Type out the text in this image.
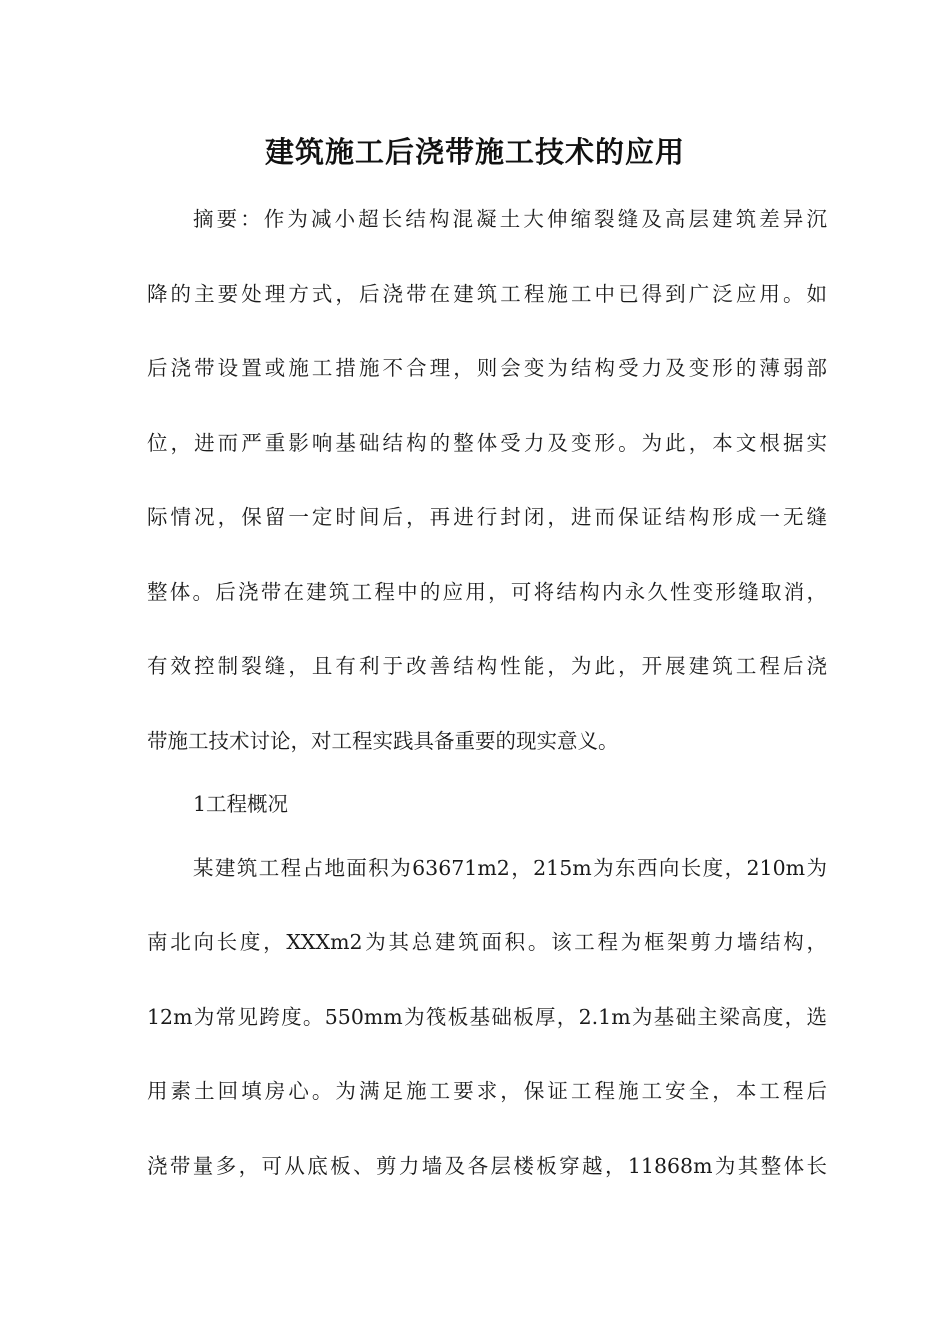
建筑施工后浇带施工技术的应用
摘要：作为减小超长结构混凝土大伸缩裂缝及高层建筑差异沉
降的主要处理方式，后浇带在建筑工程施工中已得到广泛应用。如
后浇带设置或施工措施不合理，则会变为结构受力及变形的薄弱部
位，进而严重影响基础结构的整体受力及变形。为此，本文根据实
际情况，保留一定时间后，再进行封闭，进而保证结构形成一无缝
整体。后浇带在建筑工程中的应用，可将结构内永久性变形缝取消，
有效控制裂缝，且有利于改善结构性能，为此，开展建筑工程后浇
带施工技术讨论，对工程实践具备重要的现实意义。
1工程概况
某建筑工程占地面积为63671m2，215m为东西向长度，210m为
南北向长度，XXXm2为其总建筑面积。该工程为框架剪力墙结构，
12m为常见跨度。550mm为筏板基础板厚，2.1m为基础主梁高度，选
用素土回填房心。为满足施工要求，保证工程施工安全，本工程后
浇带量多，可从底板、剪力墙及各层楼板穿越，11868m为其整体长
